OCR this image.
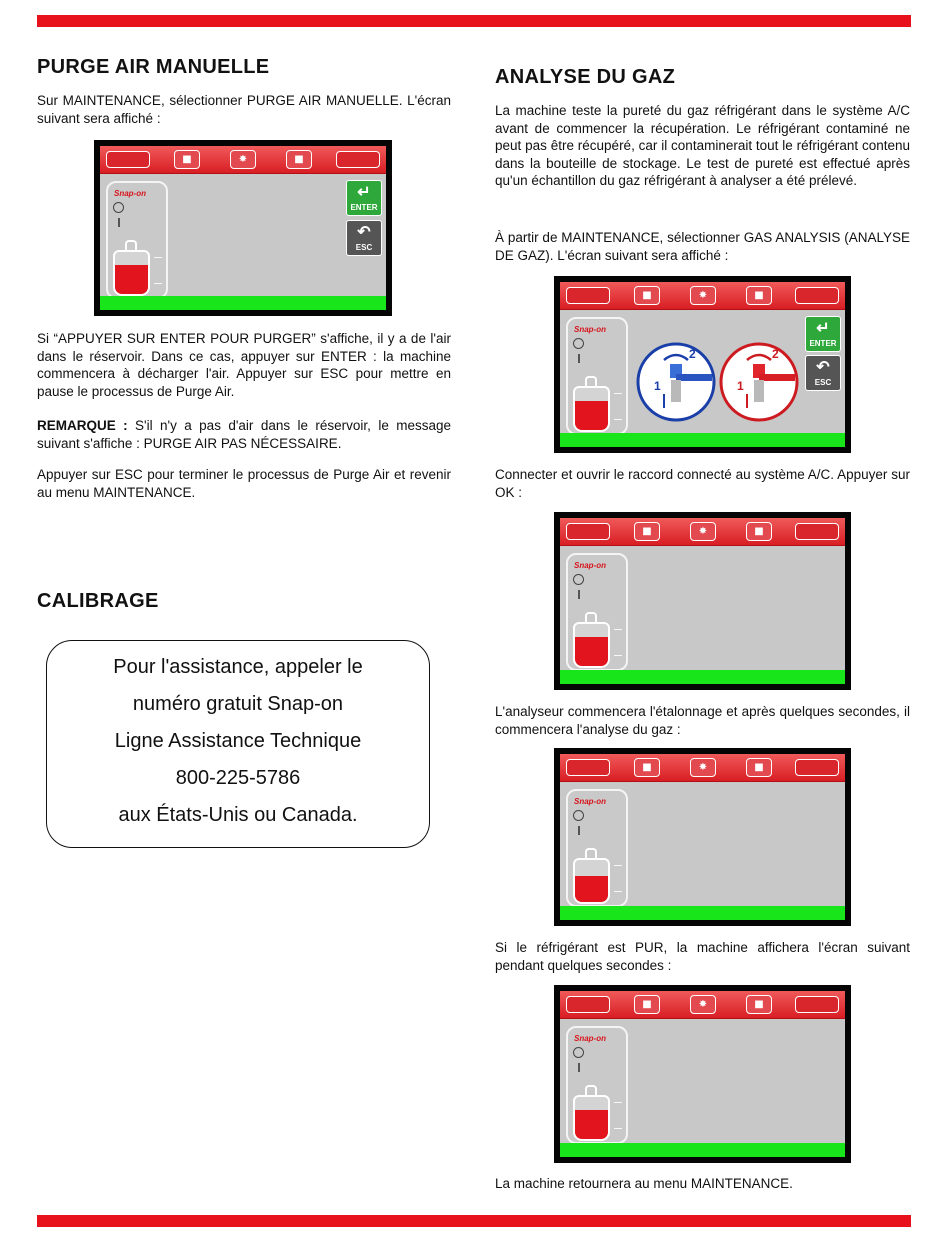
PURGE AIR MANUELLE
Sur MAINTENANCE, sélectionner PURGE AIR MANUELLE. L'écran suivant sera affiché :
■	✸	■
Snap-on	↵
ENTER
↶
ESC
Si “APPUYER SUR ENTER POUR PURGER” s'affiche, il y a de l'air dans le réservoir. Dans ce cas, appuyer sur ENTER : la machine commencera à décharger l'air. Appuyer sur ESC pour mettre en pause le processus de Purge Air.
REMARQUE : S'il n'y a pas d'air dans le réservoir, le message suivant s'affiche : PURGE AIR PAS NÉCESSAIRE.
Appuyer sur ESC pour terminer le processus de Purge Air et revenir au menu MAINTENANCE.
CALIBRAGE
Pour l'assistance, appeler le
numéro gratuit Snap-on
Ligne Assistance Technique
800-225-5786
aux États-Unis ou Canada.
ANALYSE DU GAZ
La machine teste la pureté du gaz réfrigérant dans le système A/C avant de commencer la récupération. Le réfrigérant contaminé ne peut pas être récupéré, car il contaminerait tout le réfrigérant contenu dans la bouteille de stockage. Le test de pureté est effectué après qu'un échantillon du gaz réfrigérant à analyser a été prélevé.
À partir de MAINTENANCE, sélectionner GAS ANALYSIS (ANALYSE DE GAZ). L'écran suivant sera affiché :
■	✸	■
Snap-on
2
1
2
1
↵
ENTER
↶
ESC
Connecter et ouvrir le raccord connecté au système A/C. Appuyer sur OK :
■	✸	■
Snap-on
L'analyseur commencera l'étalonnage et après quelques secondes, il commencera l'analyse du gaz :
■	✸	■
Snap-on
Si le réfrigérant est PUR, la machine affichera l'écran suivant pendant quelques secondes :
■	✸	■
Snap-on
La machine retournera au menu MAINTENANCE.
